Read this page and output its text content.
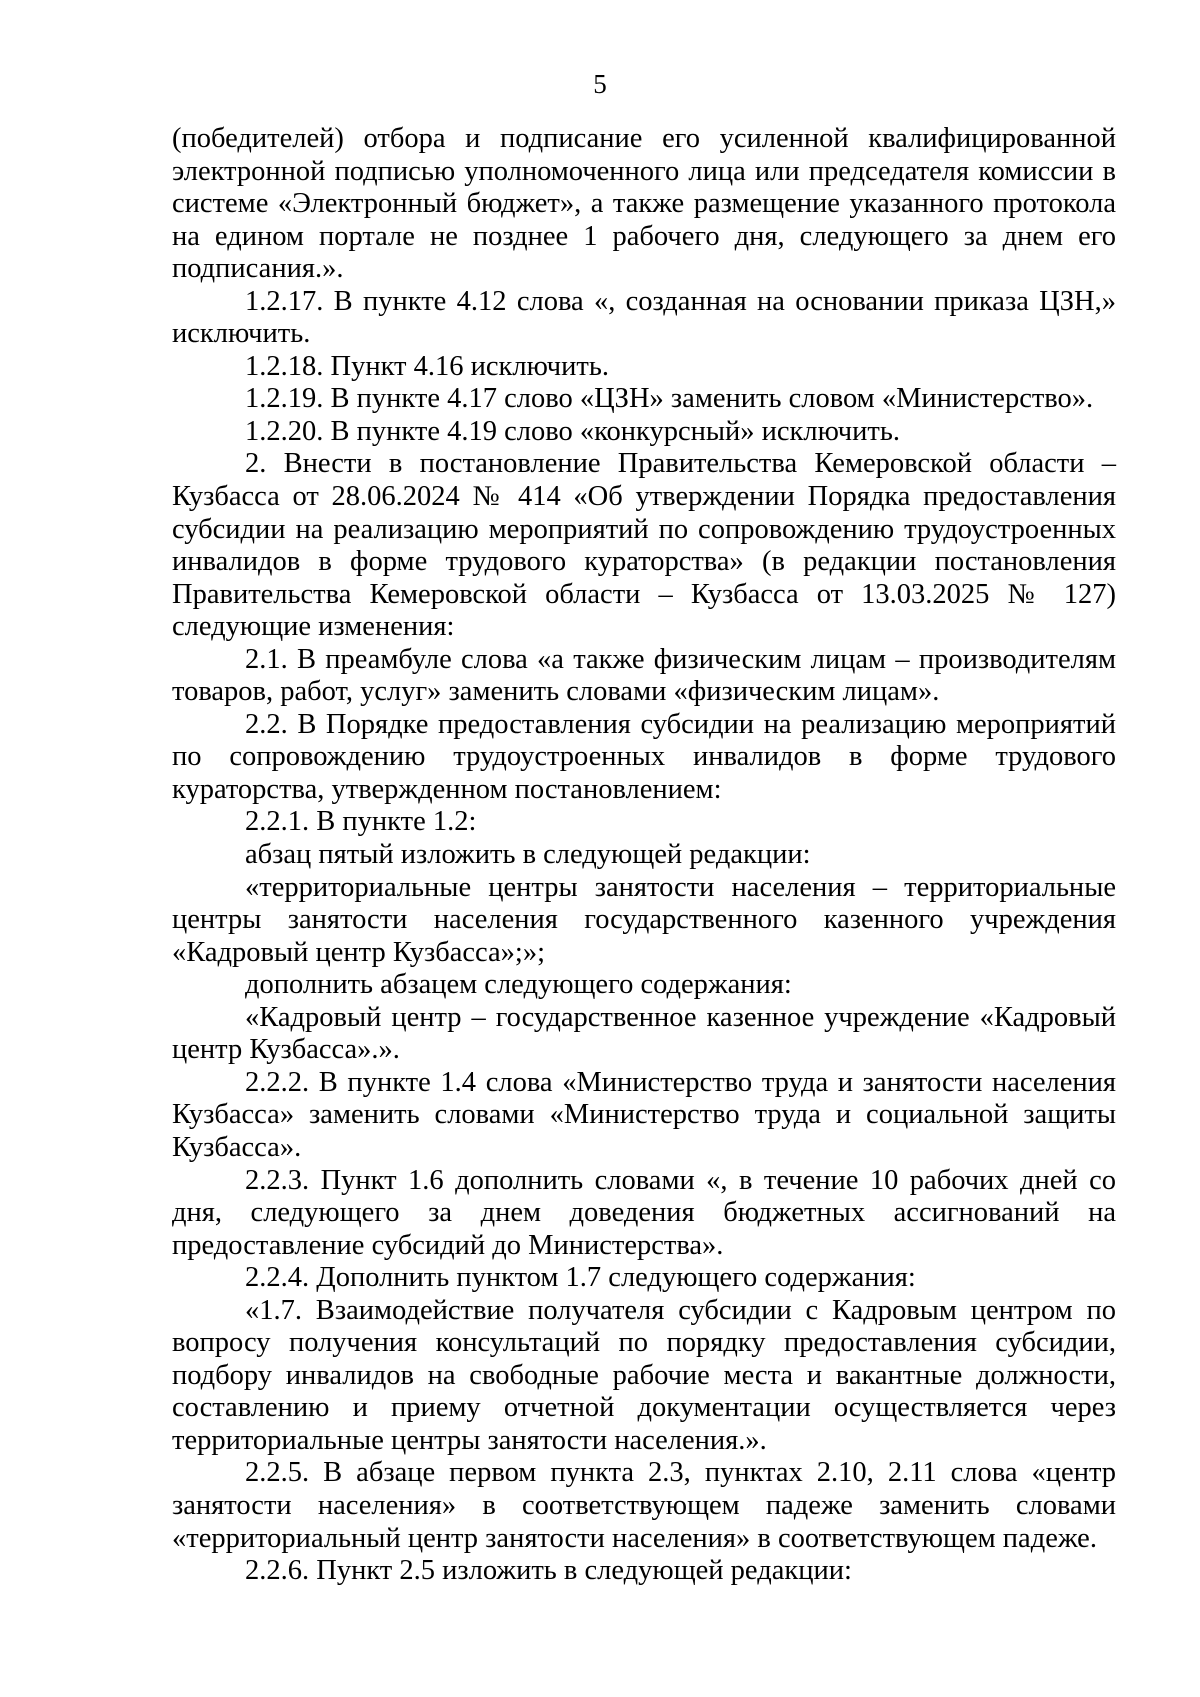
5

(победителей) отбора и подписание его усиленной квалифицированной электронной подписью уполномоченного лица или председателя комиссии в системе «Электронный бюджет», а также размещение указанного протокола на едином портале не позднее 1 рабочего дня, следующего за днем его подписания.».

1.2.17. В пункте 4.12 слова «, созданная на основании приказа ЦЗН,» исключить.

1.2.18. Пункт 4.16 исключить.

1.2.19. В пункте 4.17 слово «ЦЗН» заменить словом «Министерство».

1.2.20. В пункте 4.19 слово «конкурсный» исключить.

2. Внести в постановление Правительства Кемеровской области – Кузбасса от 28.06.2024 № 414 «Об утверждении Порядка предоставления субсидии на реализацию мероприятий по сопровождению трудоустроенных инвалидов в форме трудового кураторства» (в редакции постановления Правительства Кемеровской области – Кузбасса от 13.03.2025 № 127) следующие изменения:

2.1. В преамбуле слова «а также физическим лицам – производителям товаров, работ, услуг» заменить словами «физическим лицам».

2.2. В Порядке предоставления субсидии на реализацию мероприятий по сопровождению трудоустроенных инвалидов в форме трудового кураторства, утвержденном постановлением:

2.2.1. В пункте 1.2:

абзац пятый изложить в следующей редакции:

«территориальные центры занятости населения – территориальные центры занятости населения государственного казенного учреждения «Кадровый центр Кузбасса»;»;

дополнить абзацем следующего содержания:

«Кадровый центр – государственное казенное учреждение «Кадровый центр Кузбасса».».

2.2.2. В пункте 1.4 слова «Министерство труда и занятости населения Кузбасса» заменить словами «Министерство труда и социальной защиты Кузбасса».

2.2.3. Пункт 1.6 дополнить словами «, в течение 10 рабочих дней со дня, следующего за днем доведения бюджетных ассигнований на предоставление субсидий до Министерства».

2.2.4. Дополнить пунктом 1.7 следующего содержания:

«1.7. Взаимодействие получателя субсидии с Кадровым центром по вопросу получения консультаций по порядку предоставления субсидии, подбору инвалидов на свободные рабочие места и вакантные должности, составлению и приему отчетной документации осуществляется через территориальные центры занятости населения.».

2.2.5. В абзаце первом пункта 2.3, пунктах 2.10, 2.11 слова «центр занятости населения» в соответствующем падеже заменить словами «территориальный центр занятости населения» в соответствующем падеже.

2.2.6. Пункт 2.5 изложить в следующей редакции:
